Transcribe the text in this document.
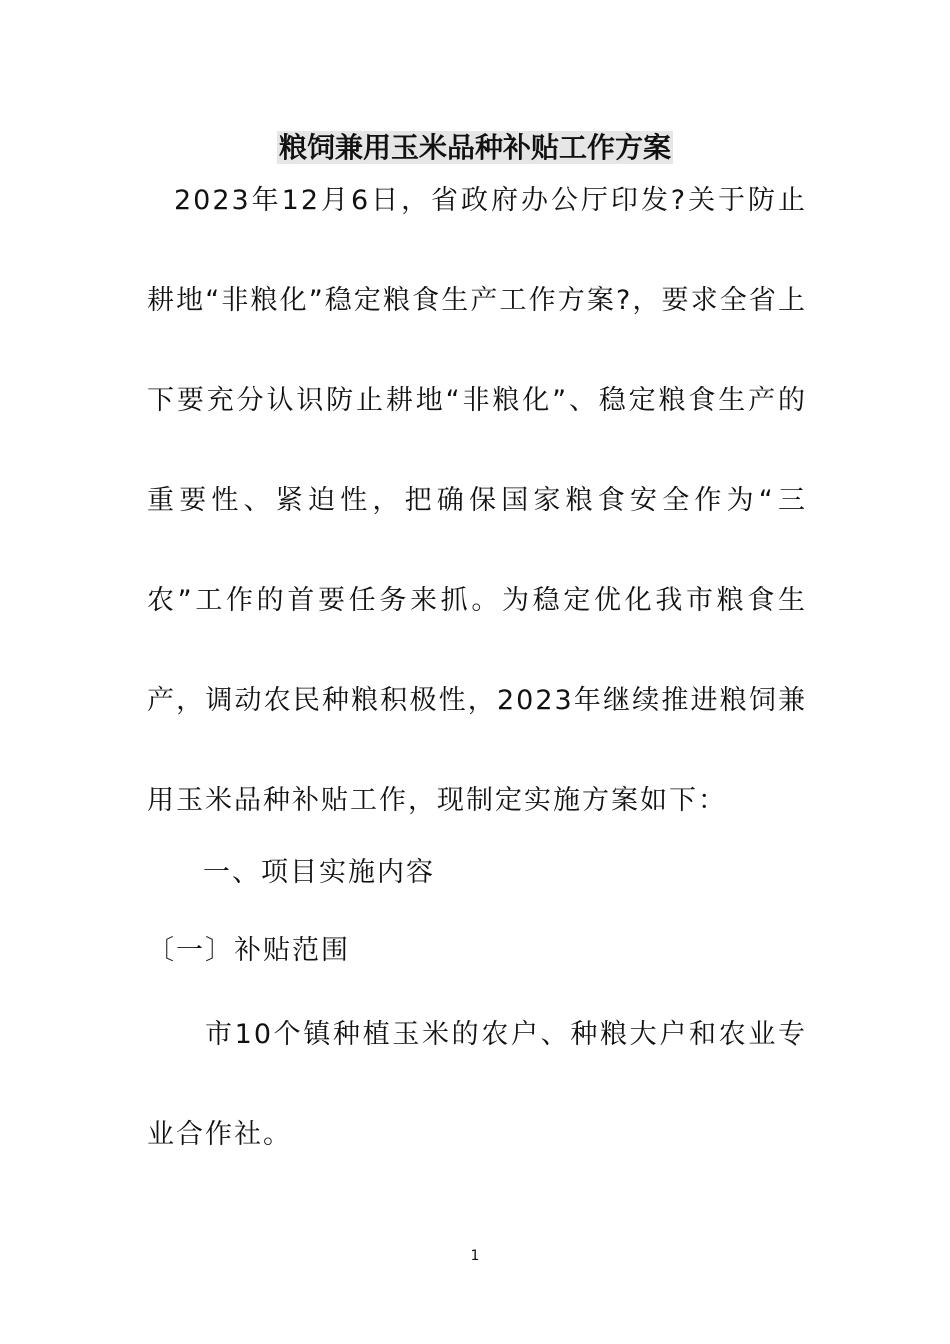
粮饲兼用玉米品种补贴工作方案
2023年12月6日，省政府办公厅印发?关于防止耕地“非粮化”稳定粮食生产工作方案?，要求全省上下要充分认识防止耕地“非粮化”、稳定粮食生产的重要性、紧迫性，把确保国家粮食安全作为“三农”工作的首要任务来抓。为稳定优化我市粮食生产，调动农民种粮积极性，2023年继续推进粮饲兼用玉米品种补贴工作，现制定实施方案如下：
一、项目实施内容
〔一〕补贴范围
市10个镇种植玉米的农户、种粮大户和农业专业合作社。
1
